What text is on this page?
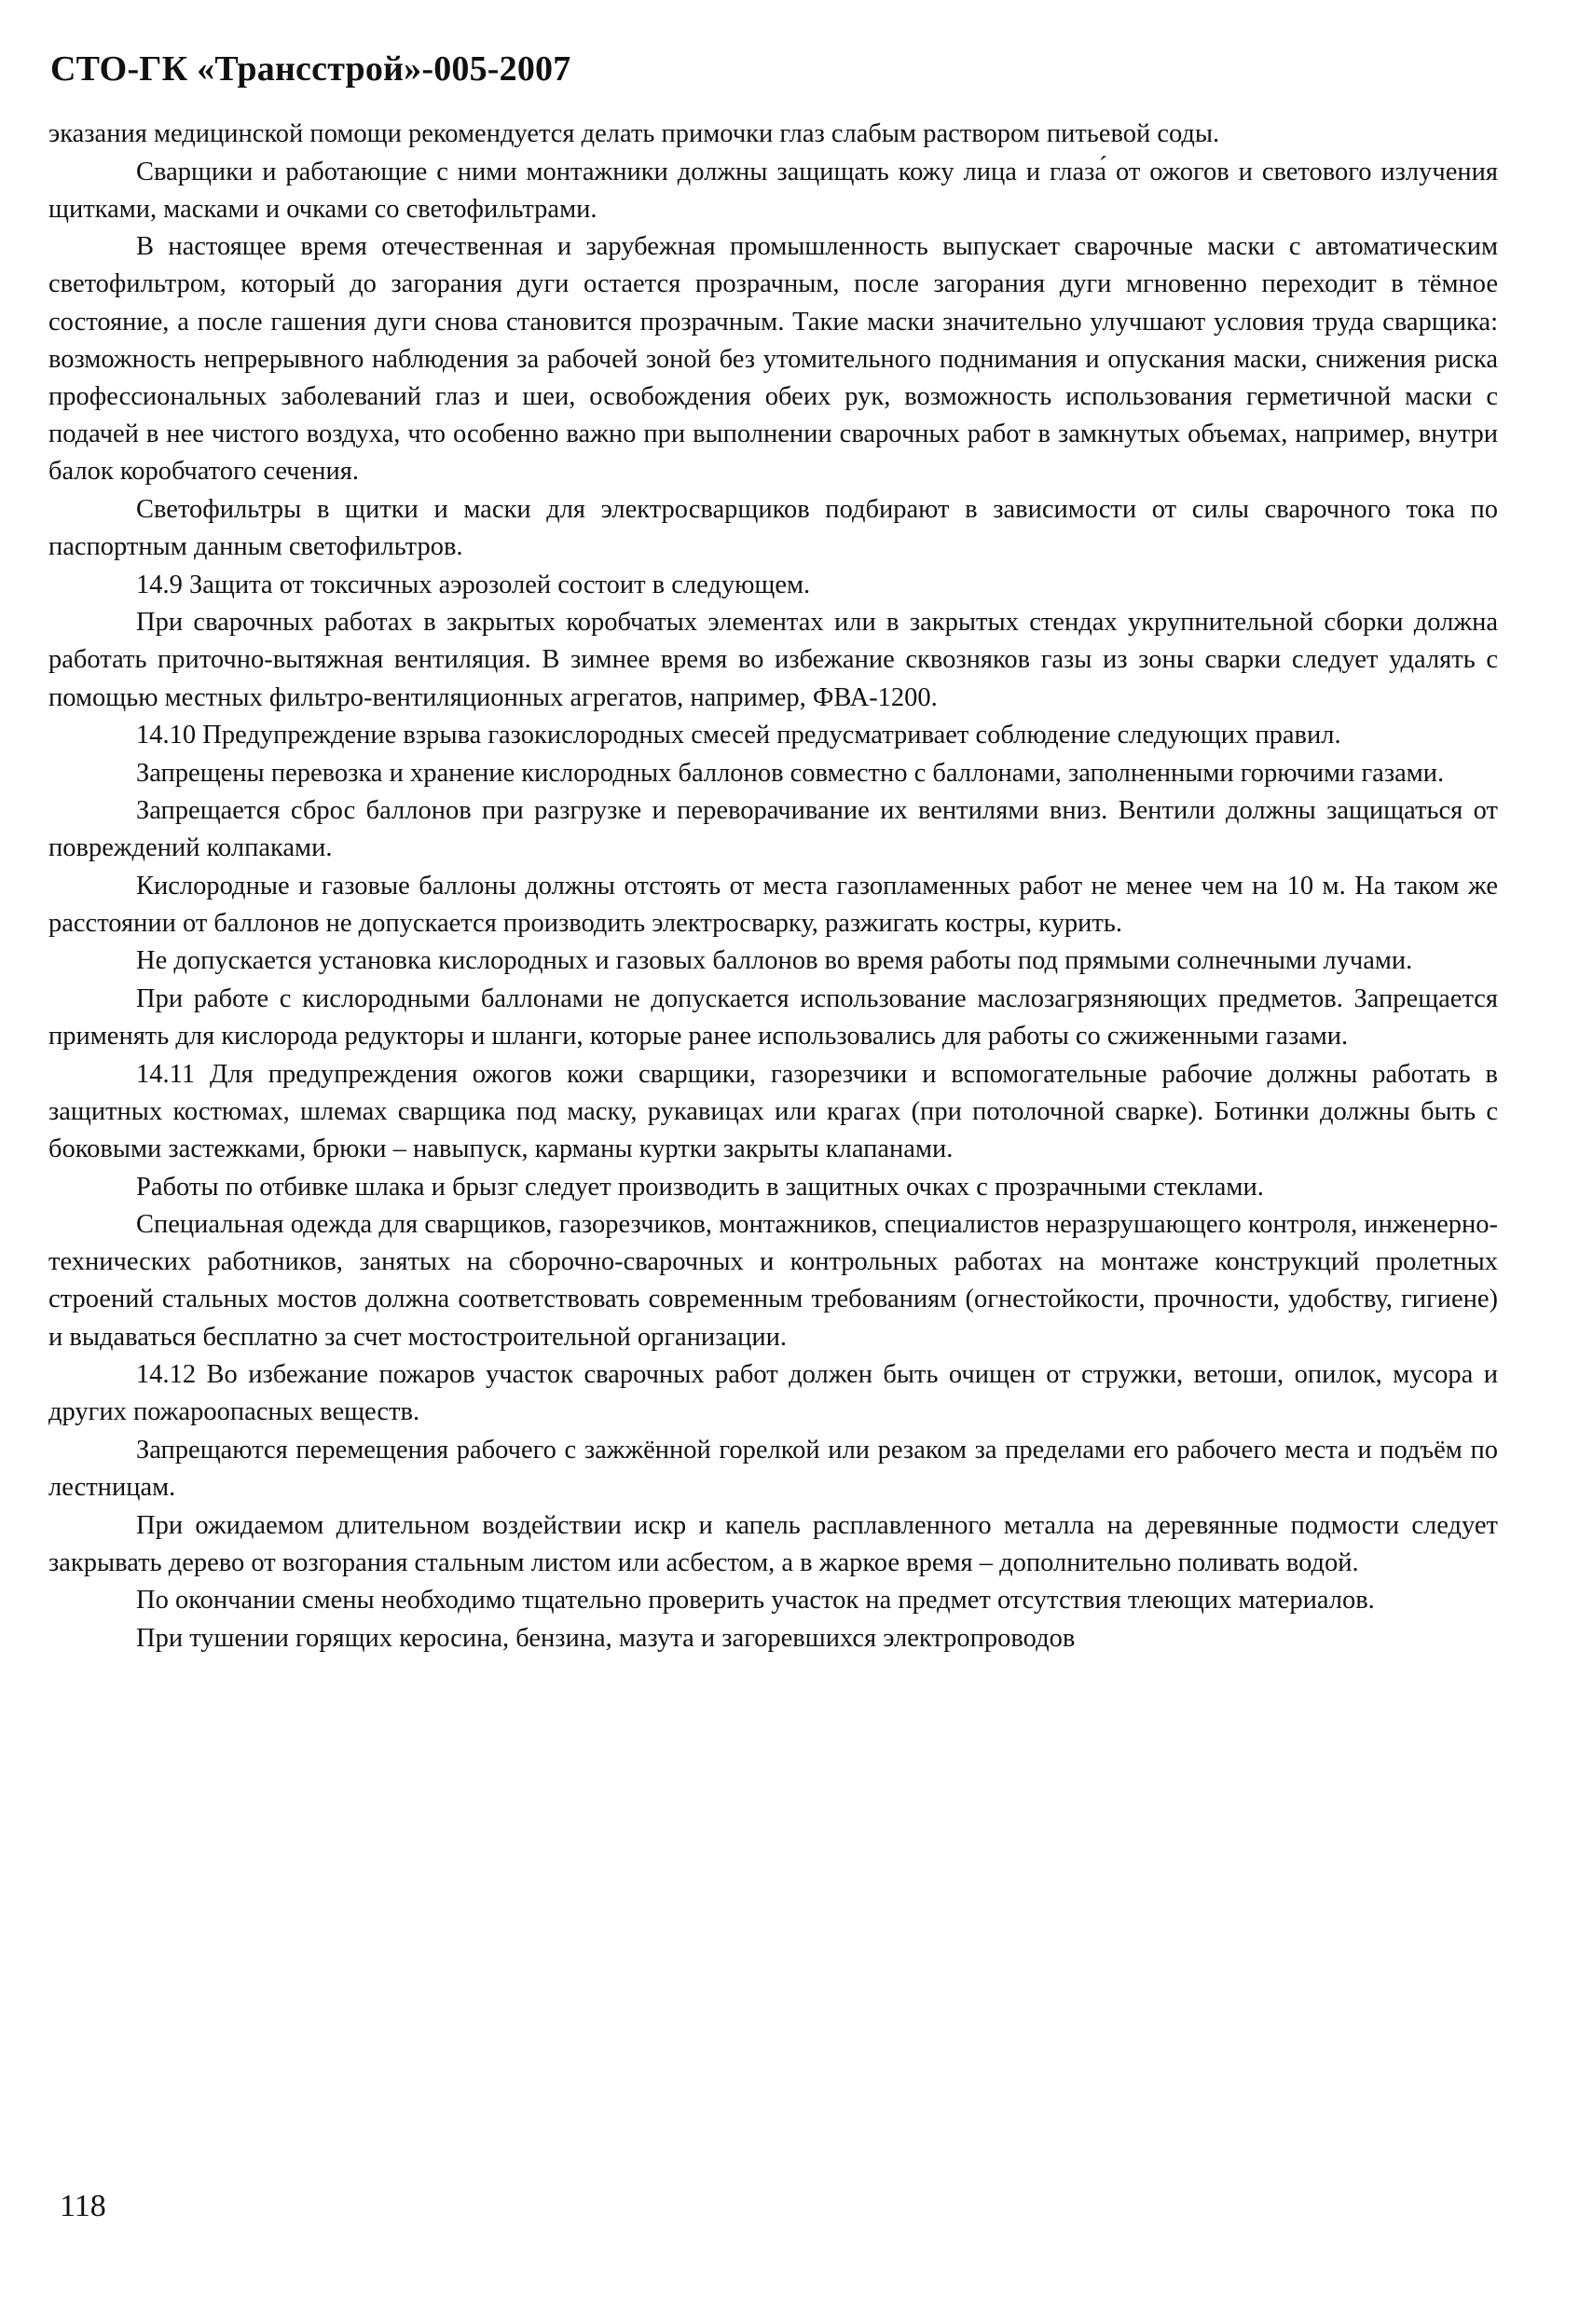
СТО-ГК «Трансстрой»-005-2007

эказания медицинской помощи рекомендуется делать примочки глаз слабым раствором питьевой соды.

Сварщики и работающие с ними монтажники должны защищать кожу лица и глаза́ от ожогов и светового излучения щитками, масками и очками со светофильтрами.

В настоящее время отечественная и зарубежная промышленность выпускает сварочные маски с автоматическим светофильтром, который до загорания дуги остается прозрачным, после загорания дуги мгновенно переходит в тёмное состояние, а после гашения дуги снова становится прозрачным. Такие маски значительно улучшают условия труда сварщика: возможность непрерывного наблюдения за рабочей зоной без утомительного поднимания и опускания маски, снижения риска профессиональных заболеваний глаз и шеи, освобождения обеих рук, возможность использования герметичной маски с подачей в нее чистого воздуха, что особенно важно при выполнении сварочных работ в замкнутых объемах, например, внутри балок коробчатого сечения.

Светофильтры в щитки и маски для электросварщиков подбирают в зависимости от силы сварочного тока по паспортным данным светофильтров.

14.9 Защита от токсичных аэрозолей состоит в следующем.

При сварочных работах в закрытых коробчатых элементах или в закрытых стендах укрупнительной сборки должна работать приточно-вытяжная вентиляция. В зимнее время во избежание сквозняков газы из зоны сварки следует удалять с помощью местных фильтро-вентиляционных агрегатов, например, ФВА-1200.

14.10 Предупреждение взрыва газокислородных смесей предусматривает соблюдение следующих правил.

Запрещены перевозка и хранение кислородных баллонов совместно с баллонами, заполненными горючими газами.

Запрещается сброс баллонов при разгрузке и переворачивание их вентилями вниз. Вентили должны защищаться от повреждений колпаками.

Кислородные и газовые баллоны должны отстоять от места газопламенных работ не менее чем на 10 м. На таком же расстоянии от баллонов не допускается производить электросварку, разжигать костры, курить.

Не допускается установка кислородных и газовых баллонов во время работы под прямыми солнечными лучами.

При работе с кислородными баллонами не допускается использование маслозагрязняющих предметов. Запрещается применять для кислорода редукторы и шланги, которые ранее использовались для работы со сжиженными газами.

14.11 Для предупреждения ожогов кожи сварщики, газорезчики и вспомогательные рабочие должны работать в защитных костюмах, шлемах сварщика под маску, рукавицах или крагах (при потолочной сварке). Ботинки должны быть с боковыми застежками, брюки – навыпуск, карманы куртки закрыты клапанами.

Работы по отбивке шлака и брызг следует производить в защитных очках с прозрачными стеклами.

Специальная одежда для сварщиков, газорезчиков, монтажников, специалистов неразрушающего контроля, инженерно-технических работников, занятых на сборочно-сварочных и контрольных работах на монтаже конструкций пролетных строений стальных мостов должна соответствовать современным требованиям (огнестойкости, прочности, удобству, гигиене) и выдаваться бесплатно за счет мостостроительной организации.

14.12 Во избежание пожаров участок сварочных работ должен быть очищен от стружки, ветоши, опилок, мусора и других пожароопасных веществ.

Запрещаются перемещения рабочего с зажжённой горелкой или резаком за пределами его рабочего места и подъём по лестницам.

При ожидаемом длительном воздействии искр и капель расплавленного металла на деревянные подмости следует закрывать дерево от возгорания стальным листом или асбестом, а в жаркое время – дополнительно поливать водой.

По окончании смены необходимо тщательно проверить участок на предмет отсутствия тлеющих материалов.

При тушении горящих керосина, бензина, мазута и загоревшихся электропроводов

118
